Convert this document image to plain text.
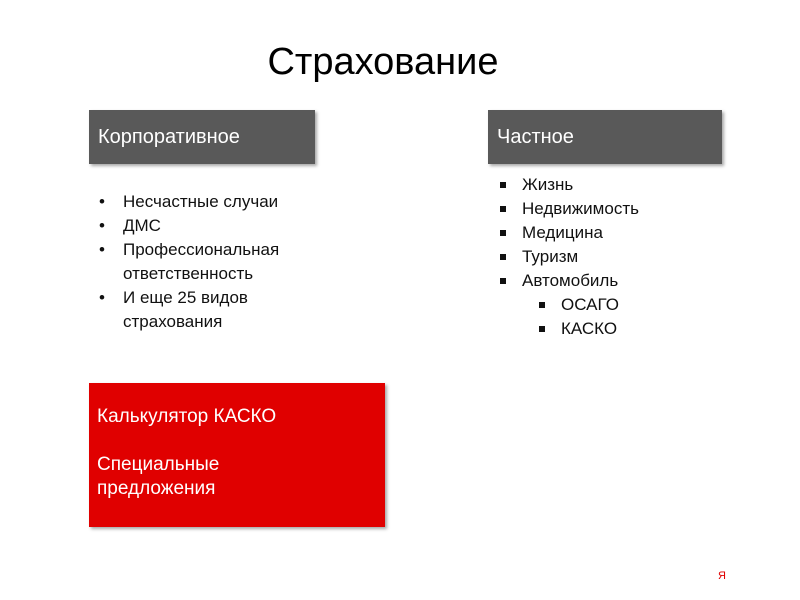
Страхование
Корпоративное	Частное
• Несчастные случаи
• ДМС
• Профессиональная ответственность
• И еще 25 видов страхования
Жизнь
Недвижимость
Медицина
Туризм
Автомобиль
ОСАГО
КАСКО
Калькулятор КАСКО
Специальные
предложения
Я
